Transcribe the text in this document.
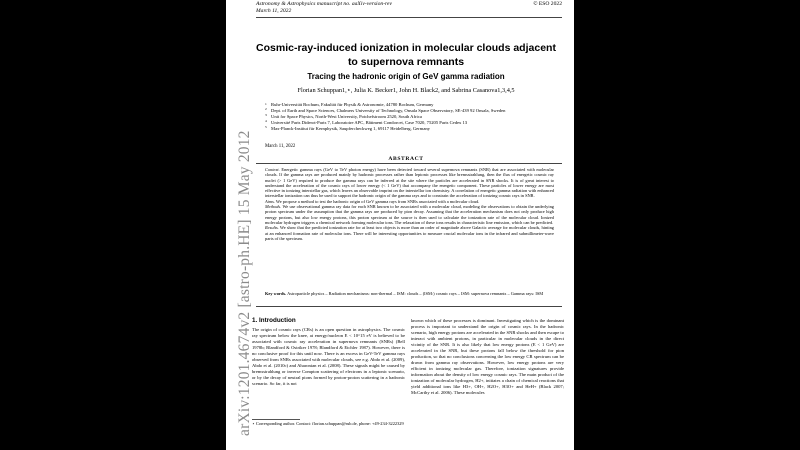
arXiv:1201.4674v2 [astro-ph.HE] 15 May 2012
Astronomy & Astrophysics manuscript no. aaXiv-version-rev	© ESO 2022
March 11, 2022
Cosmic-ray-induced ionization in molecular clouds adjacent to supernova remnants
Tracing the hadronic origin of GeV gamma radiation
Florian Schuppan1,⋆, Julia K. Becker1, John H. Black2, and Sabrina Casanova1,3,4,5
1 Ruhr-Universität Bochum, Fakultät für Physik & Astronomie, 44780 Bochum, Germany
2 Dept. of Earth and Space Sciences, Chalmers University of Technology, Onsala Space Observatory, SE-439 92 Onsala, Sweden
3 Unit for Space Physics, North-West University, Potchefstroom 2520, South Africa
4 Université Paris Diderot-Paris 7, Laboratoire APC, Bâtiment Condorcet, Case 7020, 75205 Paris Cedex 13
5 Max-Planck-Institut für Kernphysik, Saupfercheckweg 1, 69117 Heidelberg, Germany
March 11, 2022
ABSTRACT

Context. Energetic gamma rays (GeV to TeV photon energy) have been detected toward several supernova remnants (SNR) that are associated with molecular clouds. If the gamma rays are produced mainly by hadronic processes rather than leptonic processes like bremsstrahlung, then the flux of energetic cosmic ray nuclei (> 1 GeV) required to produce the gamma rays can be inferred at the site where the particles are accelerated in SNR shocks. It is of great interest to understand the acceleration of the cosmic rays of lower energy (< 1 GeV) that accompany the energetic component. These particles of lower energy are most effective in ionizing interstellar gas, which leaves an observable imprint on the interstellar ion chemistry. A correlation of energetic gamma radiation with enhanced interstellar ionization can thus be used to support the hadronic origin of the gamma rays and to constrain the acceleration of ionizing cosmic rays in SNR.

Aims. We propose a method to test the hadronic origin of GeV gamma rays from SNRs associated with a molecular cloud.

Methods. We use observational gamma ray data for each SNR known to be associated with a molecular cloud, modeling the observations to obtain the underlying proton spectrum under the assumption that the gamma rays are produced by pion decay. Assuming that the acceleration mechanism does not only produce high energy protons, but also low energy protons, this proton spectrum at the source is then used to calculate the ionization rate of the molecular cloud. Ionized molecular hydrogen triggers a chemical network forming molecular ions. The relaxation of these ions results in characteristic line emission, which can be predicted.

Results. We show that the predicted ionization rate for at least two objects is more than an order of magnitude above Galactic average for molecular clouds, hinting at an enhanced formation rate of molecular ions. There will be interesting opportunities to measure crucial molecular ions in the infrared and submillimeter-wave parts of the spectrum.

Key words. Astroparticle physics – Radiation mechanisms: non-thermal – ISM: clouds – (ISM:) cosmic rays – ISM: supernova remnants – Gamma rays: ISM
1. Introduction
The origin of cosmic rays (CRs) is an open question in astrophysics. The cosmic ray spectrum below the knee, at energy/nucleon E < 10^15 eV is believed to be associated with cosmic ray acceleration in supernova remnants (SNRs) (Bell 1978b; Blandford & Ostriker 1978; Blandford & Eichler 1987). However, there is no conclusive proof for this until now. There is an excess in GeV-TeV gamma rays observed from SNRs associated with molecular clouds, see e.g. Abdo et al. (2009), Abdo et al. (2010c) and Aharonian et al. (2008). These signals might be caused by bremsstrahlung or inverse Compton scattering of electrons in a leptonic scenario, or by the decay of neutral pions formed by proton-proton scattering in a hadronic scenario. So far, it is not
known which of these processes is dominant. Investigating which is the dominant process is important to understand the origin of cosmic rays. In the hadronic scenario, high energy protons are accelerated in the SNR shocks and then escape to interact with ambient protons, in particular in molecular clouds in the direct vicinity of the SNR. It is also likely that low energy protons (E < 1 GeV) are accelerated in the SNR, but these protons fall below the threshold for pion production, so that no conclusions concerning the low energy CR spectrum can be drawn from gamma ray observations. However, low energy protons are very efficient in ionizing molecular gas. Therefore, ionization signatures provide information about the density of low energy cosmic rays. The main product of the ionization of molecular hydrogen, H2+, initiates a chain of chemical reactions that yield additional ions like H3+, OH+, H2O+, H3O+ and HeH+ (Black 2007; McCarthy et al. 2006). These molecules
⋆ Corresponding author. Contact: florian.schuppan@rub.de, phone: +49-234-3222329
